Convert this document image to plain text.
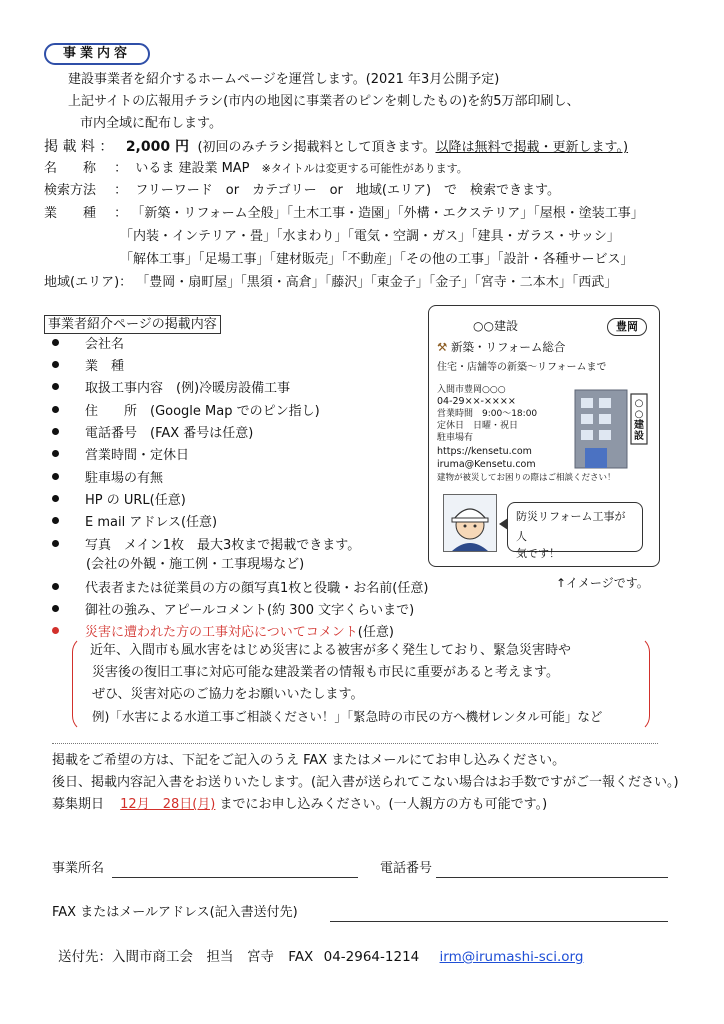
事業内容
建設事業者を紹介するホームページを運営します。(2021 年3月公開予定)
上記サイトの広報用チラシ(市内の地図に事業者のピンを刺したもの)を約5万部印刷し、
市内全域に配布します。
掲 載 料 ： 2,000 円 (初回のみチラシ掲載料として頂きます。以降は無料で掲載・更新します。)
名　　称 ： いるま 建設業 MAP ※タイトルは変更する可能性があります。
検索方法 ： フリーワード　or　カテゴリー　or　地域(エリア)　で　検索できます。
業　　種 ： 「新築・リフォーム全般」「土木工事・造園」「外構・エクステリア」「屋根・塗装工事」
「内装・インテリア・畳」「水まわり」「電気・空調・ガス」「建具・ガラス・サッシ」
「解体工事」「足場工事」「建材販売」「不動産」「その他の工事」「設計・各種サービス」
地域(エリア)： 「豊岡・扇町屋」「黒須・高倉」「藤沢」「東金子」「金子」「宮寺・二本木」「西武」
事業者紹介ページの掲載内容
会社名
業　種
取扱工事内容　(例)冷暖房設備工事
住　　所　(Google Map でのピン指し)
電話番号　(FAX 番号は任意)
営業時間・定休日
駐車場の有無
HP の URL(任意)
E mail アドレス(任意)
写真　メイン1枚　最大3枚まで掲載できます。
(会社の外観・施工例・工事現場など)
代表者または従業員の方の顔写真1枚と役職・お名前(任意)
御社の強み、アピールコメント(約 300 文字くらいまで)
災害に遭われた方の工事対応についてコメント(任意)
近年、入間市も風水害をはじめ災害による被害が多く発生しており、緊急災害時や
災害後の復旧工事に対応可能な建設業者の情報も市民に重要があると考えます。
ぜひ、災害対応のご協力をお願いいたします。
例)「水害による水道工事ご相談ください！」「緊急時の市民の方へ機材レンタル可能」など
○○建設	豊岡
⚒ 新築・リフォーム総合
住宅・店舗等の新築～リフォームまで
入間市豊岡○○○
04-29××-××××
営業時間　9:00～18:00
定休日　日曜・祝日
駐車場有
https://kensetu.com
iruma@Kensetu.com
建物が被災してお困りの際はご相談ください！
○○建設
防災リフォーム工事が人
気です！
↑イメージです。
掲載をご希望の方は、下記をご記入のうえ FAX またはメールにてお申し込みください。
後日、掲載内容記入書をお送りいたします。(記入書が送られてこない場合はお手数ですがご一報ください。)
募集期日 12月　28日(月) までにお申し込みください。(一人親方の方も可能です。)
事業所名	電話番号
FAX またはメールアドレス(記入書送付先)
送付先：入間市商工会　担当　宮寺 FAX 04-2964-1214 irm@irumashi-sci.org
